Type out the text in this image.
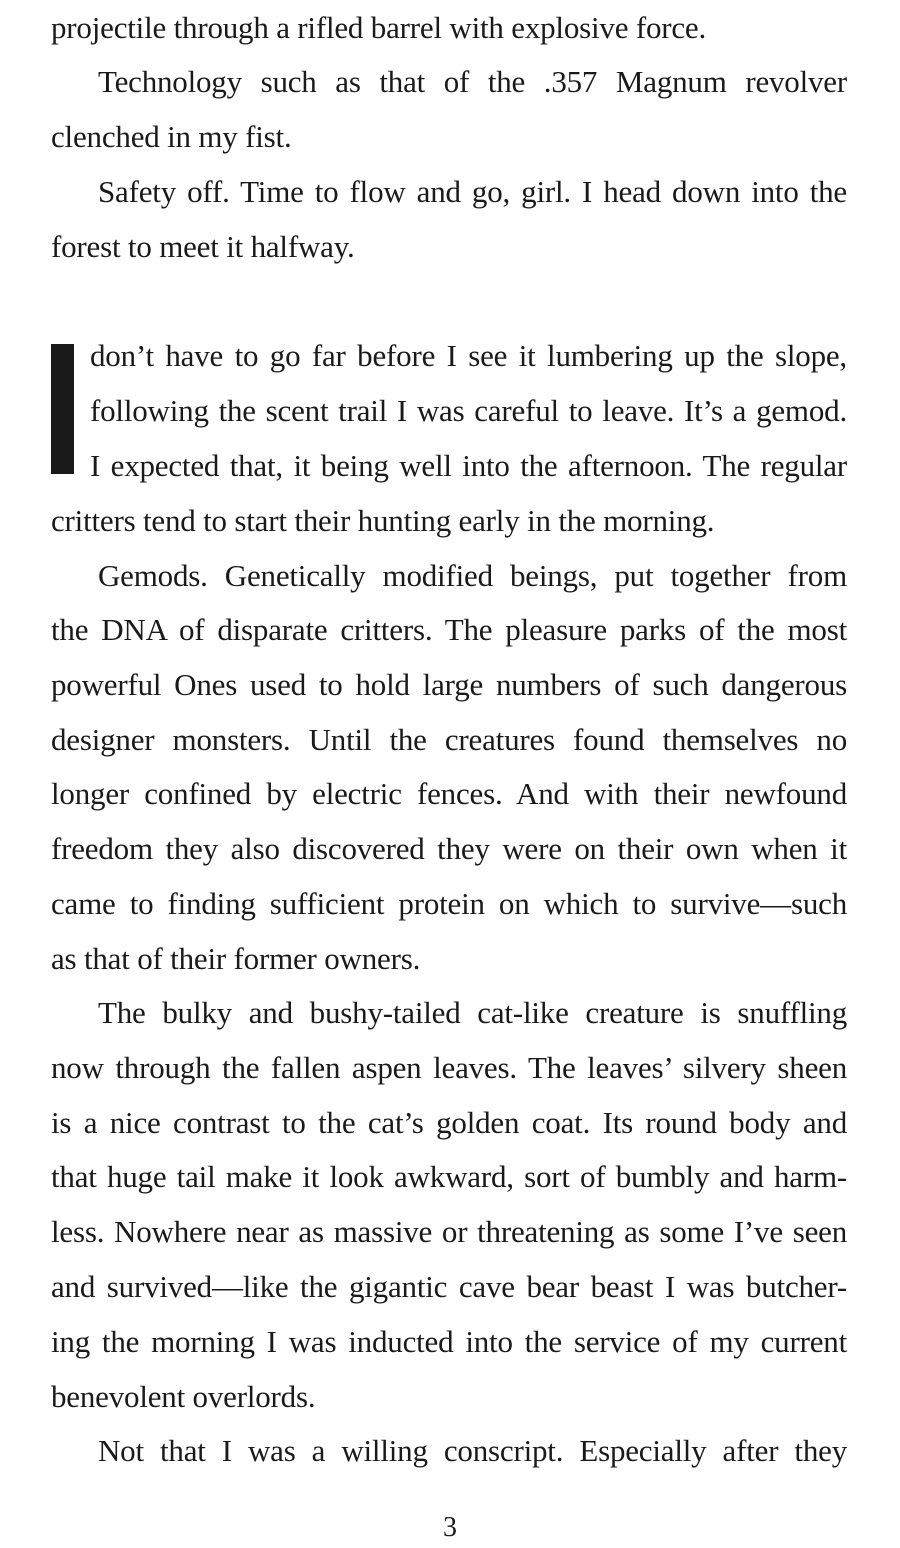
projectile through a rifled barrel with explosive force.
Technology such as that of the .357 Magnum revolver
clenched in my fist.
Safety off. Time to flow and go, girl. I head down into the
forest to meet it halfway.
don’t have to go far before I see it lumbering up the slope,
following the scent trail I was careful to leave. It’s a gemod.
I expected that, it being well into the afternoon. The regular
critters tend to start their hunting early in the morning.
Gemods. Genetically modified beings, put together from
the DNA of disparate critters. The pleasure parks of the most
powerful Ones used to hold large numbers of such dangerous
designer monsters. Until the creatures found themselves no
longer confined by electric fences. And with their newfound
freedom they also discovered they were on their own when it
came to finding sufficient protein on which to survive—such
as that of their former owners.
The bulky and bushy-tailed cat-like creature is snuffling
now through the fallen aspen leaves. The leaves’ silvery sheen
is a nice contrast to the cat’s golden coat. Its round body and
that huge tail make it look awkward, sort of bumbly and harm-
less. Nowhere near as massive or threatening as some I’ve seen
and survived—like the gigantic cave bear beast I was butcher-
ing the morning I was inducted into the service of my current
benevolent overlords.
Not that I was a willing conscript. Especially after they
3
